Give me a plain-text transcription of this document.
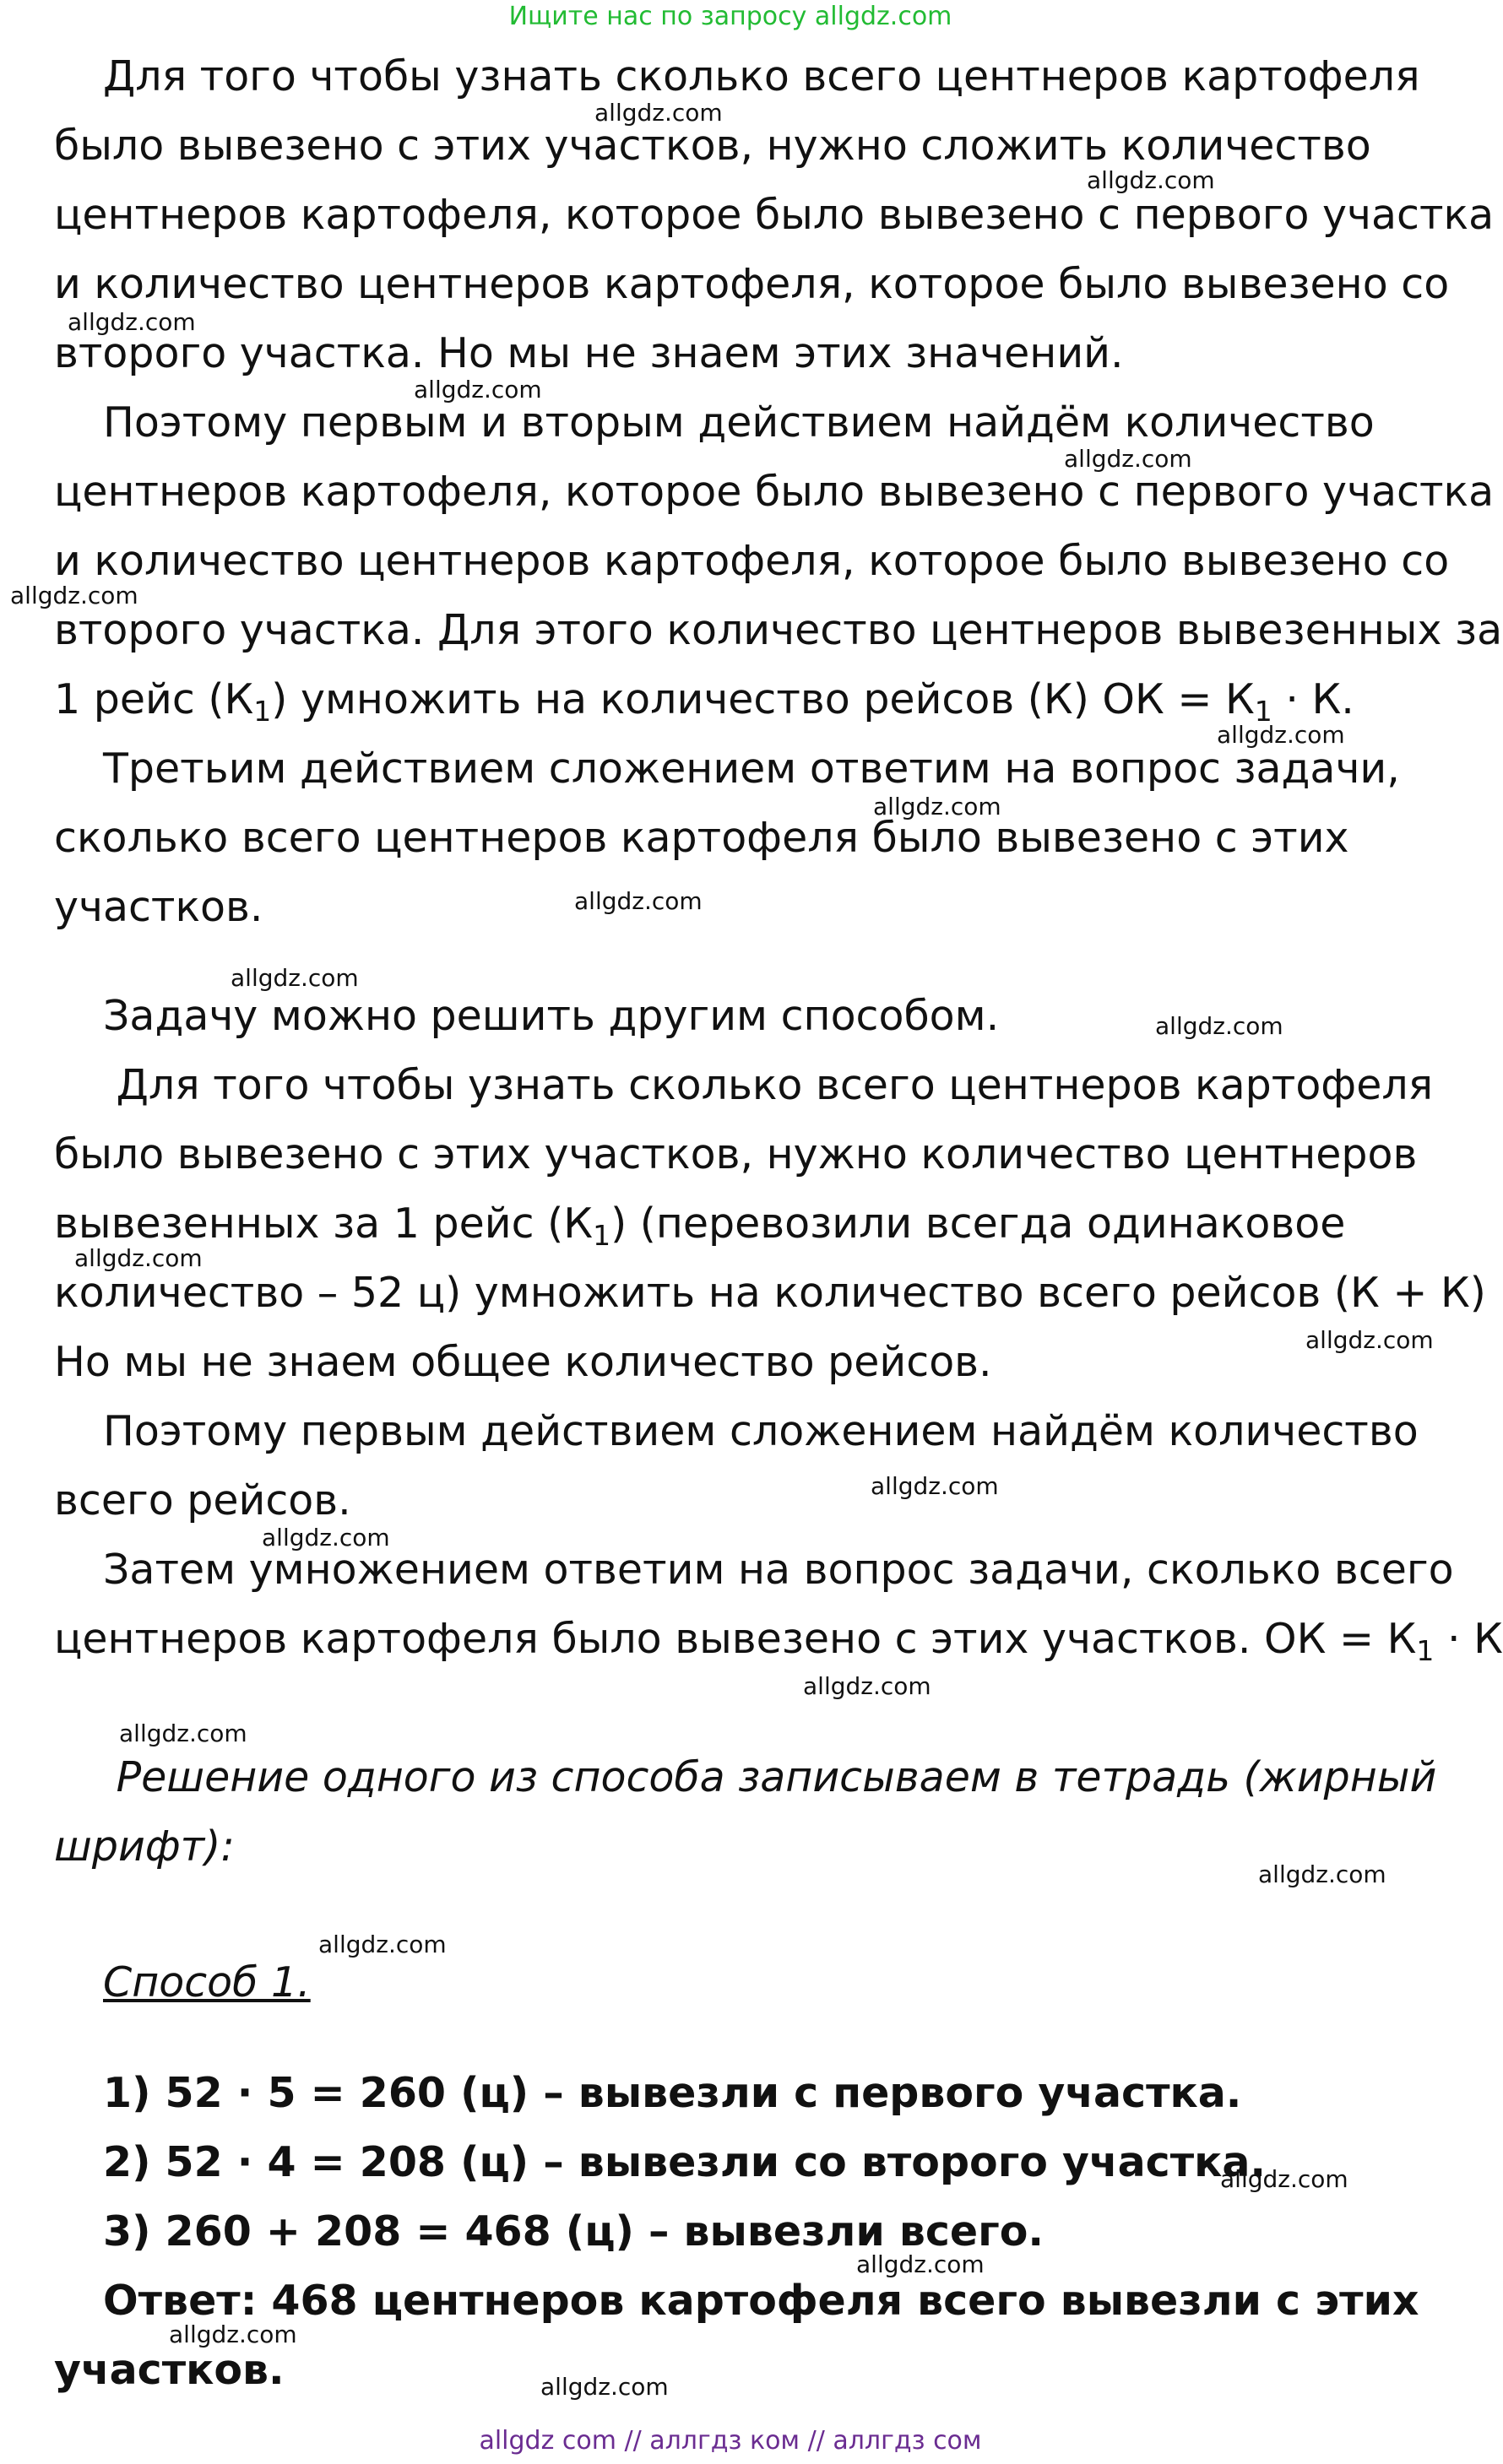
Ищите нас по запросу allgdz.com
Для того чтобы узнать сколько всего центнеров картофеля
было вывезено с этих участков, нужно сложить количество
центнеров картофеля, которое было вывезено с первого участка
и количество центнеров картофеля, которое было вывезено со
второго участка. Но мы не знаем этих значений.
Поэтому первым и вторым действием найдём количество
центнеров картофеля, которое было вывезено с первого участка
и количество центнеров картофеля, которое было вывезено со
второго участка. Для этого количество центнеров вывезенных за
1 рейс $(К_1)$ умножить на количество рейсов (К) ОК = $К_1 \cdot К$.
Третьим действием сложением ответим на вопрос задачи,
сколько всего центнеров картофеля было вывезено с этих
участков.
Задачу можно решить другим способом.
Для того чтобы узнать сколько всего центнеров картофеля
было вывезено с этих участков, нужно количество центнеров
вывезенных за 1 рейс $(К_1)$ (перевозили всегда одинаковое
количество – 52 ц) умножить на количество всего рейсов (К + К)
Но мы не знаем общее количество рейсов.
Поэтому первым действием сложением найдём количество
всего рейсов.
Затем умножением ответим на вопрос задачи, сколько всего
центнеров картофеля было вывезено с этих участков. ОК = $К_1 \cdot К$
Решение одного из способа записываем в тетрадь (жирный
шрифт):
Способ 1.
1) 52 · 5 = 260 (ц) – вывезли с первого участка.
2) 52 · 4 = 208 (ц) – вывезли со второго участка.
3) 260 + 208 = 468 (ц) – вывезли всего.
Ответ: 468 центнеров картофеля всего вывезли с этих
участков.
allgdz.com
allgdz.com
allgdz.com
allgdz.com
allgdz.com
allgdz.com
allgdz.com
allgdz.com
allgdz.com
allgdz.com
allgdz.com
allgdz.com
allgdz.com
allgdz.com
allgdz.com
allgdz.com
allgdz.com
allgdz.com
allgdz.com
allgdz.com
allgdz.com
allgdz.com
allgdz.com
allgdz com // аллгдз ком // аллгдз сом
